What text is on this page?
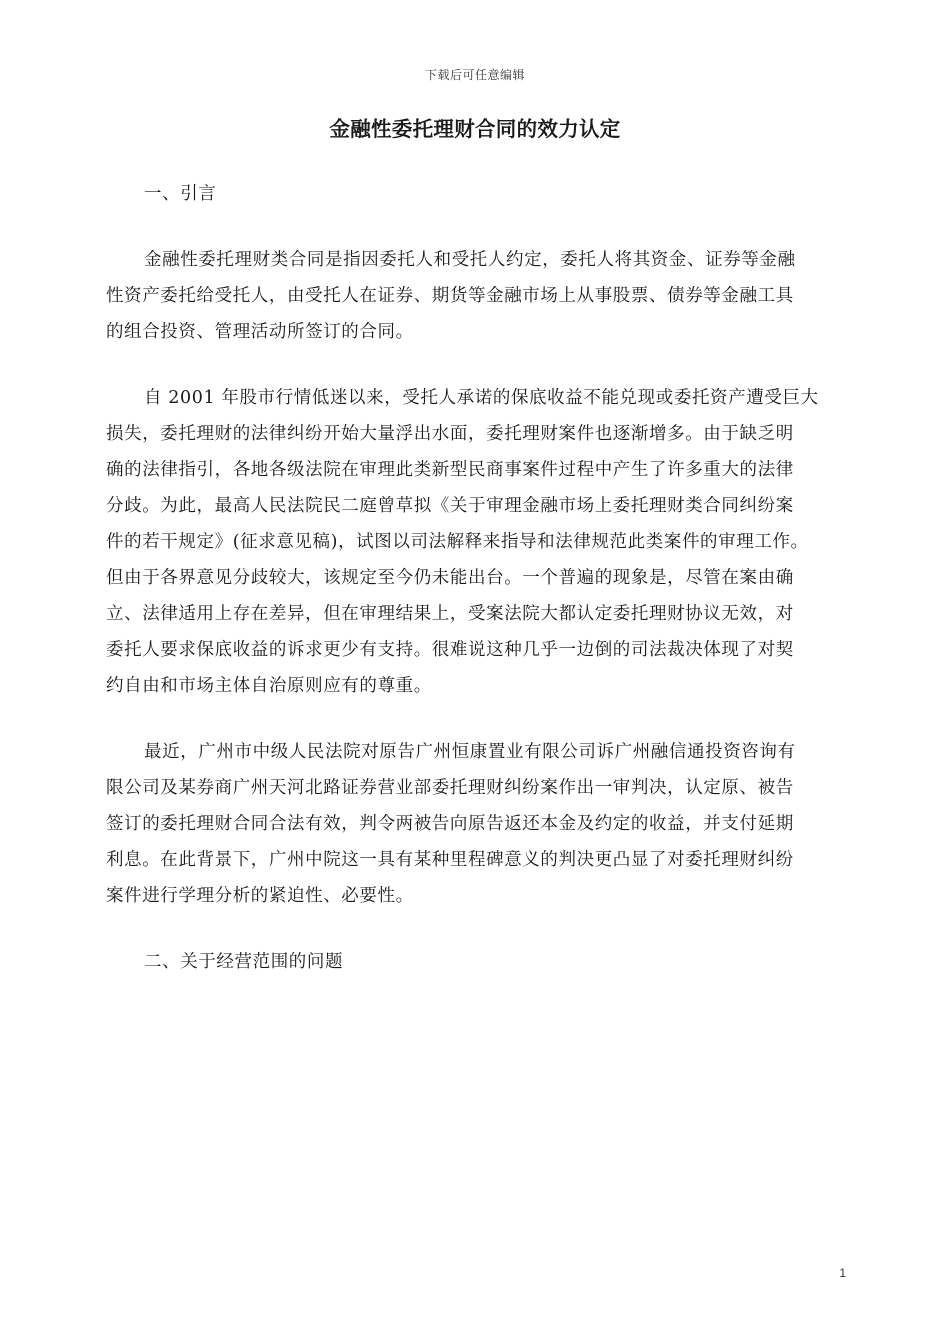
下载后可任意编辑
金融性委托理财合同的效力认定
一、引言
金融性委托理财类合同是指因委托人和受托人约定，委托人将其资金、证券等金融
性资产委托给受托人，由受托人在证券、期货等金融市场上从事股票、债券等金融工具
的组合投资、管理活动所签订的合同。
自 2001 年股市行情低迷以来，受托人承诺的保底收益不能兑现或委托资产遭受巨大
损失，委托理财的法律纠纷开始大量浮出水面，委托理财案件也逐渐增多。由于缺乏明
确的法律指引，各地各级法院在审理此类新型民商事案件过程中产生了许多重大的法律
分歧。为此，最高人民法院民二庭曾草拟《关于审理金融市场上委托理财类合同纠纷案
件的若干规定》(征求意见稿)，试图以司法解释来指导和法律规范此类案件的审理工作。
但由于各界意见分歧较大，该规定至今仍未能出台。一个普遍的现象是，尽管在案由确
立、法律适用上存在差异，但在审理结果上，受案法院大都认定委托理财协议无效，对
委托人要求保底收益的诉求更少有支持。很难说这种几乎一边倒的司法裁决体现了对契
约自由和市场主体自治原则应有的尊重。
最近，广州市中级人民法院对原告广州恒康置业有限公司诉广州融信通投资咨询有
限公司及某券商广州天河北路证券营业部委托理财纠纷案作出一审判决，认定原、被告
签订的委托理财合同合法有效，判令两被告向原告返还本金及约定的收益，并支付延期
利息。在此背景下，广州中院这一具有某种里程碑意义的判决更凸显了对委托理财纠纷
案件进行学理分析的紧迫性、必要性。
二、关于经营范围的问题
1
